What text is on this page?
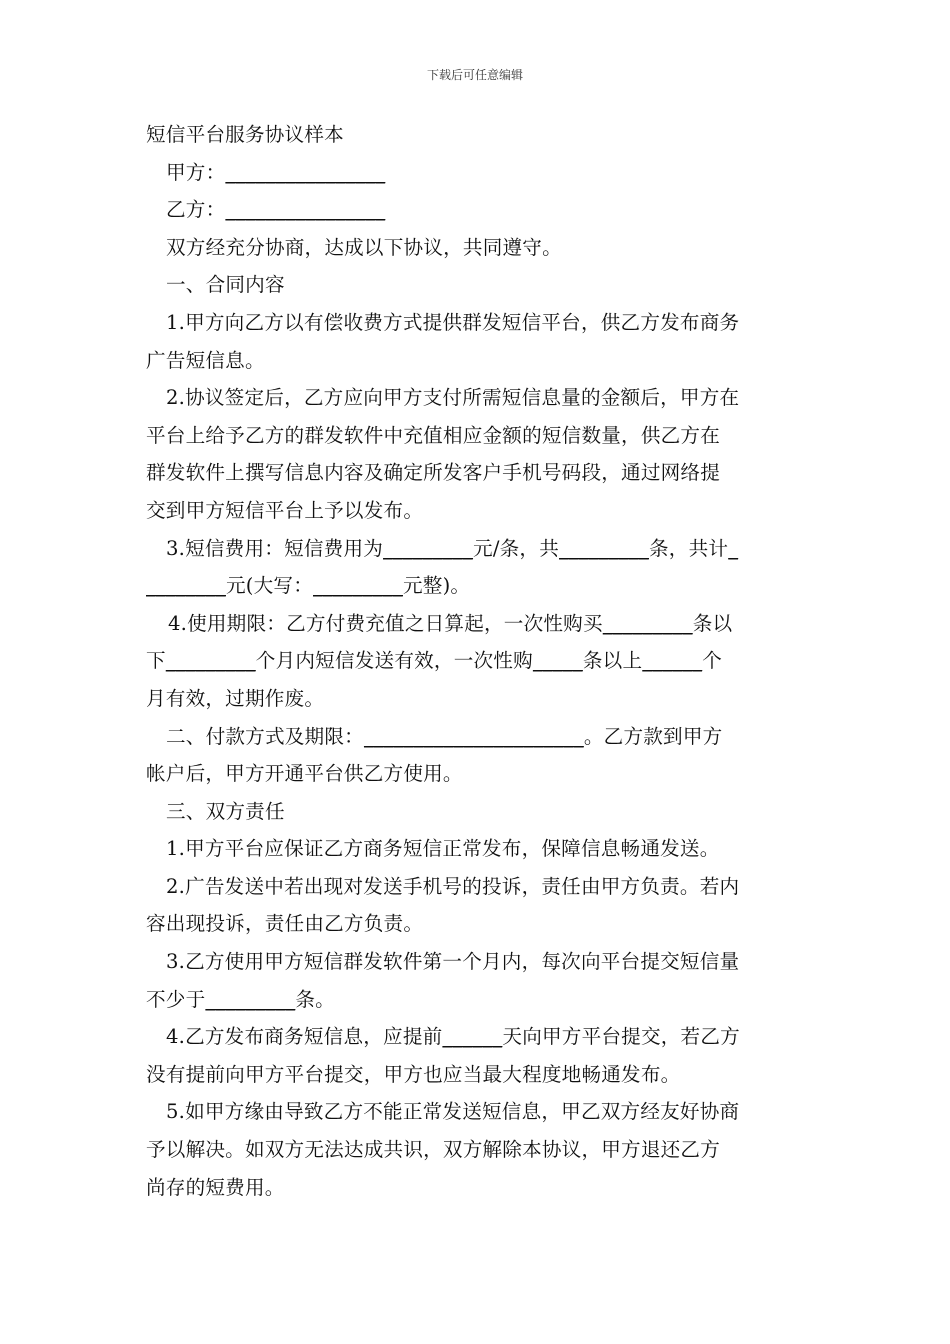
下载后可任意编辑
短信平台服务协议样本
甲方：________________
乙方：________________
双方经充分协商，达成以下协议，共同遵守。
一、合同内容
1.甲方向乙方以有偿收费方式提供群发短信平台，供乙方发布商务
广告短信息。
2.协议签定后，乙方应向甲方支付所需短信息量的金额后，甲方在
平台上给予乙方的群发软件中充值相应金额的短信数量，供乙方在
群发软件上撰写信息内容及确定所发客户手机号码段，通过网络提
交到甲方短信平台上予以发布。
3.短信费用：短信费用为_________元/条，共_________条，共计_
________元(大写：_________元整)。
4.使用期限：乙方付费充值之日算起，一次性购买_________条以
下_________个月内短信发送有效，一次性购_____条以上______个
月有效，过期作废。
二、付款方式及期限：______________________。乙方款到甲方
帐户后，甲方开通平台供乙方使用。
三、双方责任
1.甲方平台应保证乙方商务短信正常发布，保障信息畅通发送。
2.广告发送中若出现对发送手机号的投诉，责任由甲方负责。若内
容出现投诉，责任由乙方负责。
3.乙方使用甲方短信群发软件第一个月内，每次向平台提交短信量
不少于_________条。
4.乙方发布商务短信息，应提前______天向甲方平台提交，若乙方
没有提前向甲方平台提交，甲方也应当最大程度地畅通发布。
5.如甲方缘由导致乙方不能正常发送短信息，甲乙双方经友好协商
予以解决。如双方无法达成共识，双方解除本协议，甲方退还乙方
尚存的短费用。
